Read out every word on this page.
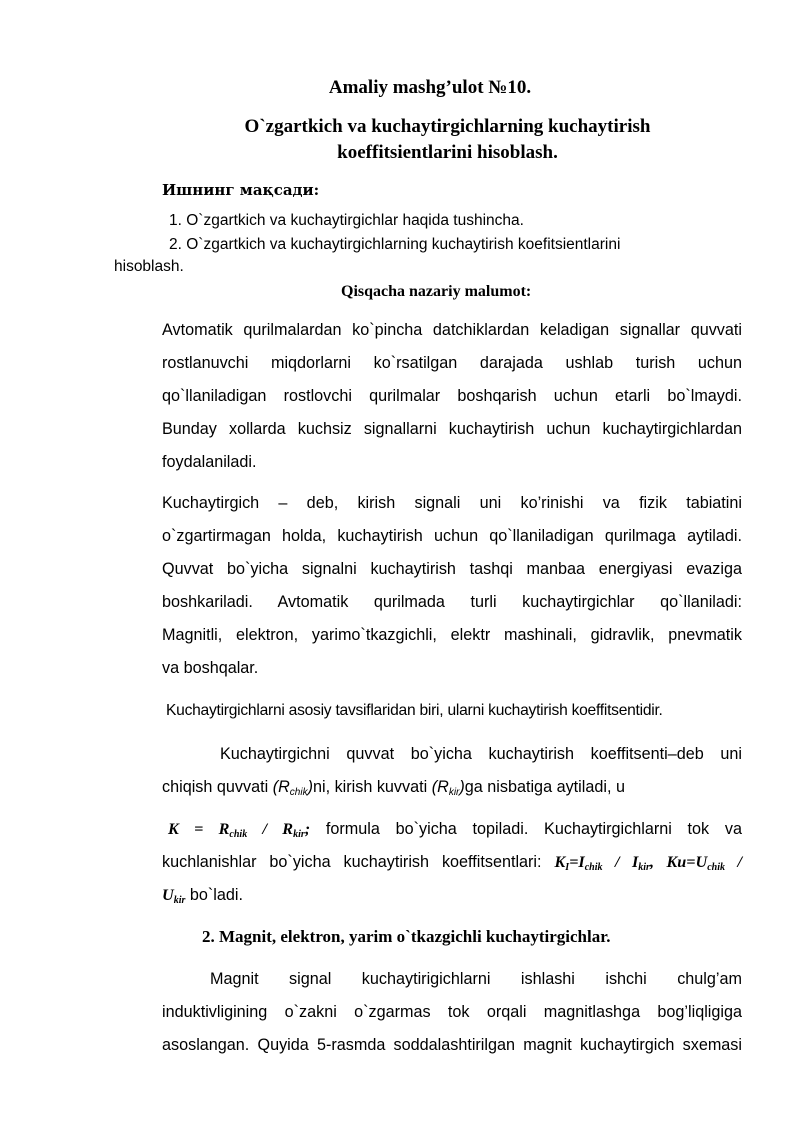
Amaliy mashg’ulot №10.
O`zgartkich va kuchaytirgichlarning kuchaytirish
koeffitsientlarini hisoblash.
Ишнинг мақсади:
1. O`zgartkich va kuchaytirgichlar haqida tushincha.
2. O`zgartkich va kuchaytirgichlarning kuchaytirish koefitsientlarini
hisoblash.
Qisqacha nazariy malumot:
Avtomatik qurilmalardan ko`pincha datchiklardan keladigan signallar quvvati
rostlanuvchi miqdorlarni ko`rsatilgan darajada ushlab turish uchun
qo`llaniladigan rostlovchi qurilmalar boshqarish uchun etarli bo`lmaydi.
Bunday xollarda kuchsiz signallarni kuchaytirish uchun kuchaytirgichlardan
foydalaniladi.
Kuchaytirgich – deb, kirish signali uni ko’rinishi va fizik tabiatini
o`zgartirmagan holda, kuchaytirish uchun qo`llaniladigan qurilmaga aytiladi.
Quvvat bo`yicha signalni kuchaytirish tashqi manbaa energiyasi evaziga
boshkariladi. Avtomatik qurilmada turli kuchaytirgichlar qo`llaniladi:
Magnitli, elektron, yarimo`tkazgichli, elektr mashinali, gidravlik, pnevmatik
va boshqalar.
Kuchaytirgichlarni asosiy tavsiflaridan biri, ularni kuchaytirish koeffitsentidir.
Kuchaytirgichni quvvat bo`yicha kuchaytirish koeffitsenti–deb uni
chiqish quvvati $(R_{chik})ni$, kirish kuvvati $(R_{kir})ga$ nisbatiga aytiladi, u
$K = R_{chik} / R_{kir}$; formula bo`yicha topiladi. Kuchaytirgichlarni tok va
kuchlanishlar bo`yicha kuchaytirish koeffitsentlari: $K_I=I_{chik} / I_{kir}$, $Ku=U_{chik}$ /
$U_{kir}$ bo`ladi.
2. Magnit, elektron, yarim o`tkazgichli kuchaytirgichlar.
Magnit signal kuchaytirigichlarni ishlashi ishchi chulg’am
induktivligining o`zakni o`zgarmas tok orqali magnitlashga bog’liqligiga
asoslangan. Quyida 5-rasmda soddalashtirilgan magnit kuchaytirgich sxemasi
